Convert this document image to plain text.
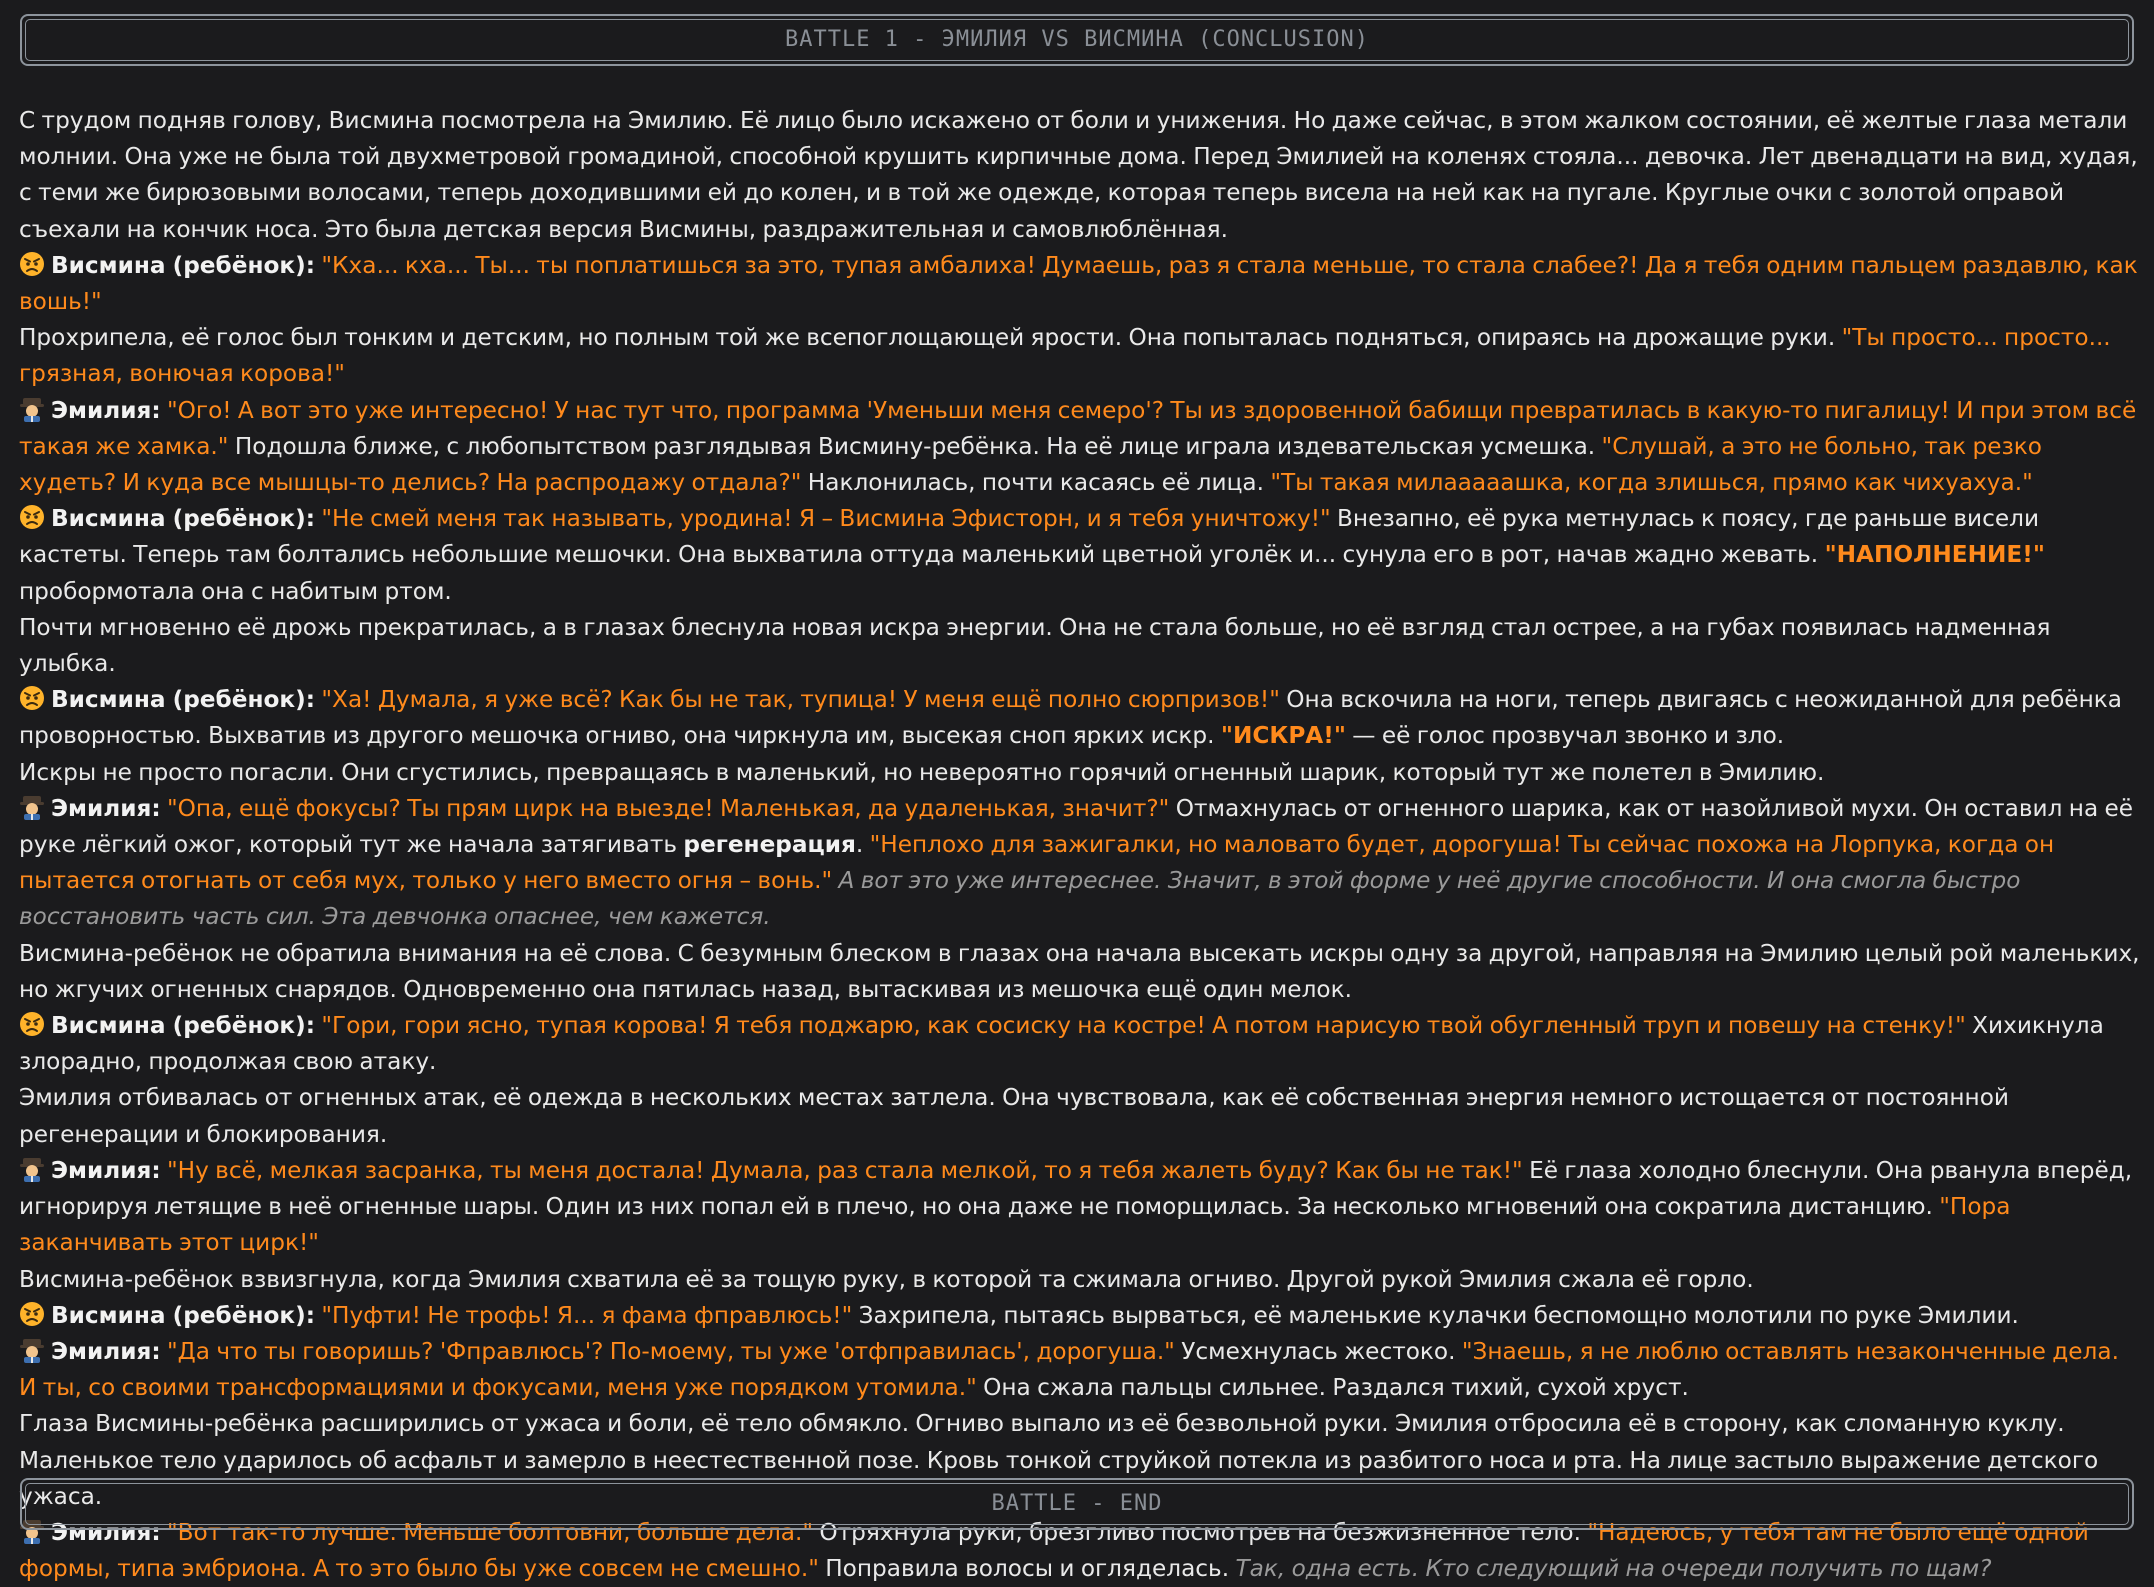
BATTLE 1 - ЭМИЛИЯ VS ВИСМИНА (CONCLUSION)

С трудом подняв голову, Висмина посмотрела на Эмилию. Её лицо было искажено от боли и унижения. Но даже сейчас, в этом жалком состоянии, её желтые глаза метали молнии. Она уже не была той двухметровой громадиной, способной крушить кирпичные дома. Перед Эмилией на коленях стояла... девочка. Лет двенадцати на вид, худая, с теми же бирюзовыми волосами, теперь доходившими ей до колен, и в той же одежде, которая теперь висела на ней как на пугале. Круглые очки с золотой оправой съехали на кончик носа. Это была детская версия Висмины, раздражительная и самовлюблённая.

Висмина (ребёнок): "Кха... кха... Ты... ты поплатишься за это, тупая амбалиха! Думаешь, раз я стала меньше, то стала слабее?! Да я тебя одним пальцем раздавлю, как вошь!"

Прохрипела, её голос был тонким и детским, но полным той же всепоглощающей ярости. Она попыталась подняться, опираясь на дрожащие руки. "Ты просто... просто... грязная, вонючая корова!"

Эмилия: "Ого! А вот это уже интересно! У нас тут что, программа 'Уменьши меня семеро'? Ты из здоровенной бабищи превратилась в какую-то пигалицу! И при этом всё такая же хамка." Подошла ближе, с любопытством разглядывая Висмину-ребёнка. На её лице играла издевательская усмешка. "Слушай, а это не больно, так резко худеть? И куда все мышцы-то делись? На распродажу отдала?" Наклонилась, почти касаясь её лица. "Ты такая милааааашка, когда злишься, прямо как чихуахуа."

Висмина (ребёнок): "Не смей меня так называть, уродина! Я – Висмина Эфисторн, и я тебя уничтожу!" Внезапно, её рука метнулась к поясу, где раньше висели кастеты. Теперь там болтались небольшие мешочки. Она выхватила оттуда маленький цветной уголёк и... сунула его в рот, начав жадно жевать. "НАПОЛНЕНИЕ!" пробормотала она с набитым ртом.

Почти мгновенно её дрожь прекратилась, а в глазах блеснула новая искра энергии. Она не стала больше, но её взгляд стал острее, а на губах появилась надменная улыбка.

Висмина (ребёнок): "Ха! Думала, я уже всё? Как бы не так, тупица! У меня ещё полно сюрпризов!" Она вскочила на ноги, теперь двигаясь с неожиданной для ребёнка проворностью. Выхватив из другого мешочка огниво, она чиркнула им, высекая сноп ярких искр. "ИСКРА!" — её голос прозвучал звонко и зло.

Искры не просто погасли. Они сгустились, превращаясь в маленький, но невероятно горячий огненный шарик, который тут же полетел в Эмилию.

Эмилия: "Опа, ещё фокусы? Ты прям цирк на выезде! Маленькая, да удаленькая, значит?" Отмахнулась от огненного шарика, как от назойливой мухи. Он оставил на её руке лёгкий ожог, который тут же начала затягивать регенерация. "Неплохо для зажигалки, но маловато будет, дорогуша! Ты сейчас похожа на Лорпука, когда он пытается отогнать от себя мух, только у него вместо огня – вонь." А вот это уже интереснее. Значит, в этой форме у неё другие способности. И она смогла быстро восстановить часть сил. Эта девчонка опаснее, чем кажется.

Висмина-ребёнок не обратила внимания на её слова. С безумным блеском в глазах она начала высекать искры одну за другой, направляя на Эмилию целый рой маленьких, но жгучих огненных снарядов. Одновременно она пятилась назад, вытаскивая из мешочка ещё один мелок.

Висмина (ребёнок): "Гори, гори ясно, тупая корова! Я тебя поджарю, как сосиску на костре! А потом нарисую твой обугленный труп и повешу на стенку!" Хихикнула злорадно, продолжая свою атаку.

Эмилия отбивалась от огненных атак, её одежда в нескольких местах затлела. Она чувствовала, как её собственная энергия немного истощается от постоянной регенерации и блокирования.

Эмилия: "Ну всё, мелкая засранка, ты меня достала! Думала, раз стала мелкой, то я тебя жалеть буду? Как бы не так!" Её глаза холодно блеснули. Она рванула вперёд, игнорируя летящие в неё огненные шары. Один из них попал ей в плечо, но она даже не поморщилась. За несколько мгновений она сократила дистанцию. "Пора заканчивать этот цирк!"

Висмина-ребёнок взвизгнула, когда Эмилия схватила её за тощую руку, в которой та сжимала огниво. Другой рукой Эмилия сжала её горло.

Висмина (ребёнок): "Пуфти! Не трофь! Я... я фама фправлюсь!" Захрипела, пытаясь вырваться, её маленькие кулачки беспомощно молотили по руке Эмилии.

Эмилия: "Да что ты говоришь? 'Фправлюсь'? По-моему, ты уже 'отфправилась', дорогуша." Усмехнулась жестоко. "Знаешь, я не люблю оставлять незаконченные дела. И ты, со своими трансформациями и фокусами, меня уже порядком утомила." Она сжала пальцы сильнее. Раздался тихий, сухой хруст.

Глаза Висмины-ребёнка расширились от ужаса и боли, её тело обмякло. Огниво выпало из её безвольной руки. Эмилия отбросила её в сторону, как сломанную куклу. Маленькое тело ударилось об асфальт и замерло в неестественной позе. Кровь тонкой струйкой потекла из разбитого носа и рта. На лице застыло выражение детского ужаса.

Эмилия: "Вот так-то лучше. Меньше болтовни, больше дела." Отряхнула руки, брезгливо посмотрев на безжизненное тело. "Надеюсь, у тебя там не было ещё одной формы, типа эмбриона. А то это было бы уже совсем не смешно." Поправила волосы и огляделась. Так, одна есть. Кто следующий на очереди получить по щам?

BATTLE - END
